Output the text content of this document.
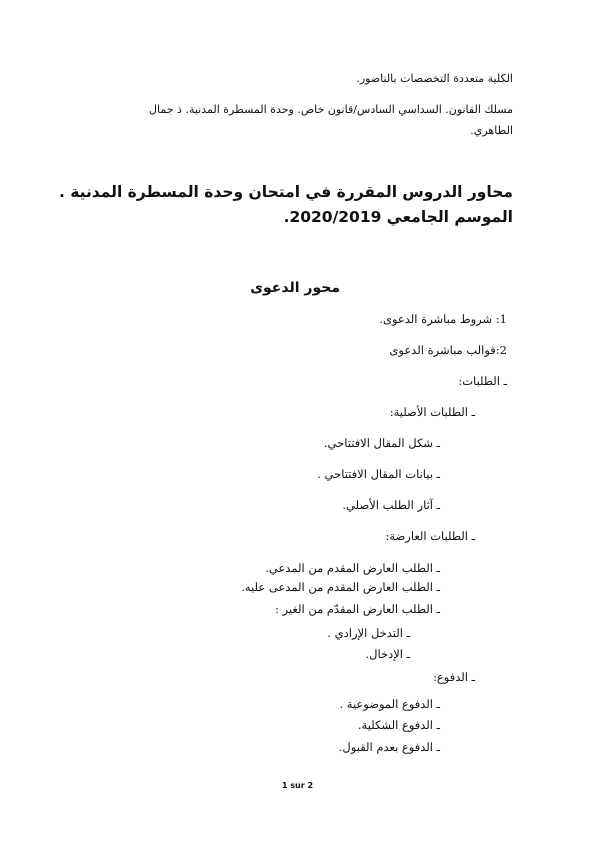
الكلية متعددة التخصصات بالناضور.

مسلك القانون. السداسي السادس/قانون خاص. وحدة المسطرة المدنية. ذ جمال

الطاهري.

محاور الدروس المقررة في امتحان وحدة المسطرة المدنية .

الموسم الجامعي 2020/2019.

محور الدعوى

1: شروط مباشرة الدعوى.

2:قوالب مباشرة الدعوى

ـ الطلبات:

ـ الطلبات الأصلية:

ـ شكل المقال الافتتاحي.

ـ بيانات المقال الافتتاحي .

ـ آثار الطلب الأصلي.

ـ الطلبات العارضة:

ـ الطلب العارض المقدم من المدعي.

ـ الطلب العارض المقدم من المدعى عليه.

ـ الطلب العارض المقدّم من الغير :

ـ التدخل الإرادي .

ـ الإدخال.

ـ الدفوع:

ـ الدفوع الموضوعية .

ـ الدفوع الشكلية.

ـ الدفوع بعدم القبول.

1 sur 2
